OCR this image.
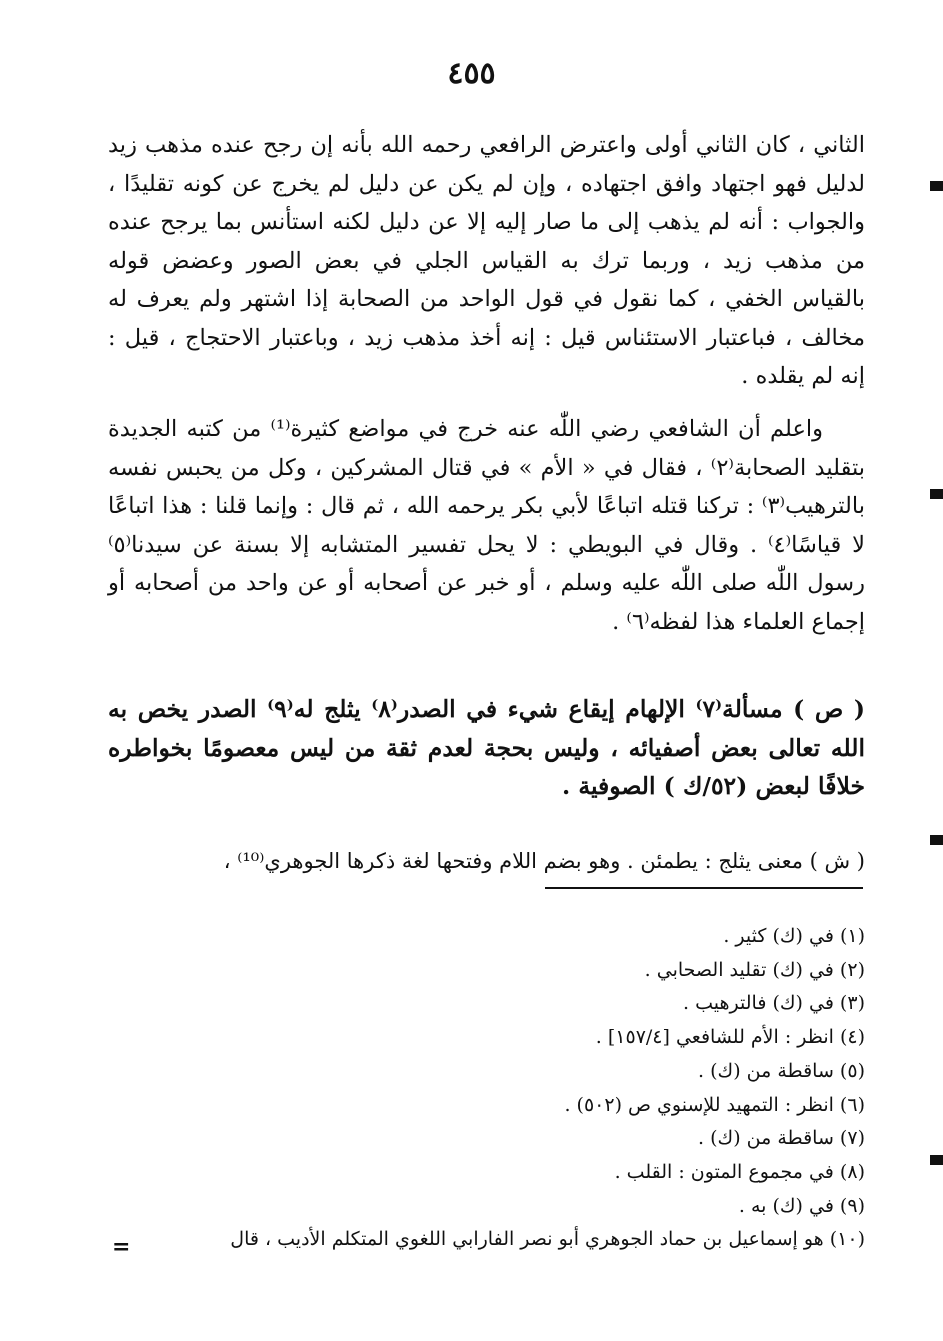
٤٥٥

الثاني ، كان الثاني أولى واعترض الرافعي رحمه الله بأنه إن رجح عنده مذهب زيد لدليل فهو اجتهاد وافق اجتهاده ، وإن لم يكن عن دليل لم يخرج عن كونه تقليدًا ، والجواب : أنه لم يذهب إلى ما صار إليه إلا عن دليل لكنه استأنس بما يرجح عنده من مذهب زيد ، وربما ترك به القياس الجلي في بعض الصور وعضض قوله بالقياس الخفي ، كما نقول في قول الواحد من الصحابة إذا اشتهر ولم يعرف له مخالف ، فباعتبار الاستئناس قيل : إنه أخذ مذهب زيد ، وباعتبار الاحتجاج ، قيل : إنه لم يقلده .

واعلم أن الشافعي رضي اللّٰه عنه خرج في مواضع كثيرة⁽¹⁾ من كتبه الجديدة بتقليد الصحابة⁽٢⁾ ، فقال في « الأم » في قتال المشركين ، وكل من يحبس نفسه بالترهيب⁽٣⁾ : تركنا قتله اتباعًا لأبي بكر يرحمه الله ، ثم قال : وإنما قلنا : هذا اتباعًا لا قياسًا⁽٤⁾ . وقال في البويطي : لا يحل تفسير المتشابه إلا بسنة عن سيدنا⁽٥⁾ رسول اللّٰه صلى اللّٰه عليه وسلم ، أو خبر عن أصحابه أو عن واحد من أصحابه أو إجماع العلماء هذا لفظه⁽٦⁾ .

( ص ) مسألة⁽٧⁾ الإلهام إيقاع شيء في الصدر⁽٨⁾ يثلج له⁽٩⁾ الصدر يخص به الله تعالى بعض أصفيائه ، وليس بحجة لعدم ثقة من ليس معصومًا بخواطره خلافًا لبعض (٥٢/ك ) الصوفية .

( ش ) معنى يثلج : يطمئن . وهو بضم اللام وفتحها لغة ذكرها الجوهري⁽¹⁰⁾ ،

(١) في (ك) كثير .
(٢) في (ك) تقليد الصحابي .
(٣) في (ك) فالترهيب .
(٤) انظر : الأم للشافعي [١٥٧/٤] .
(٥) ساقطة من (ك) .
(٦) انظر : التمهيد للإسنوي ص (٥٠٢) .
(٧) ساقطة من (ك) .
(٨) في مجموع المتون : القلب .
(٩) في (ك) به .
(١٠) هو إسماعيل بن حماد الجوهري أبو نصر الفارابي اللغوي المتكلم الأديب ، قال
=
